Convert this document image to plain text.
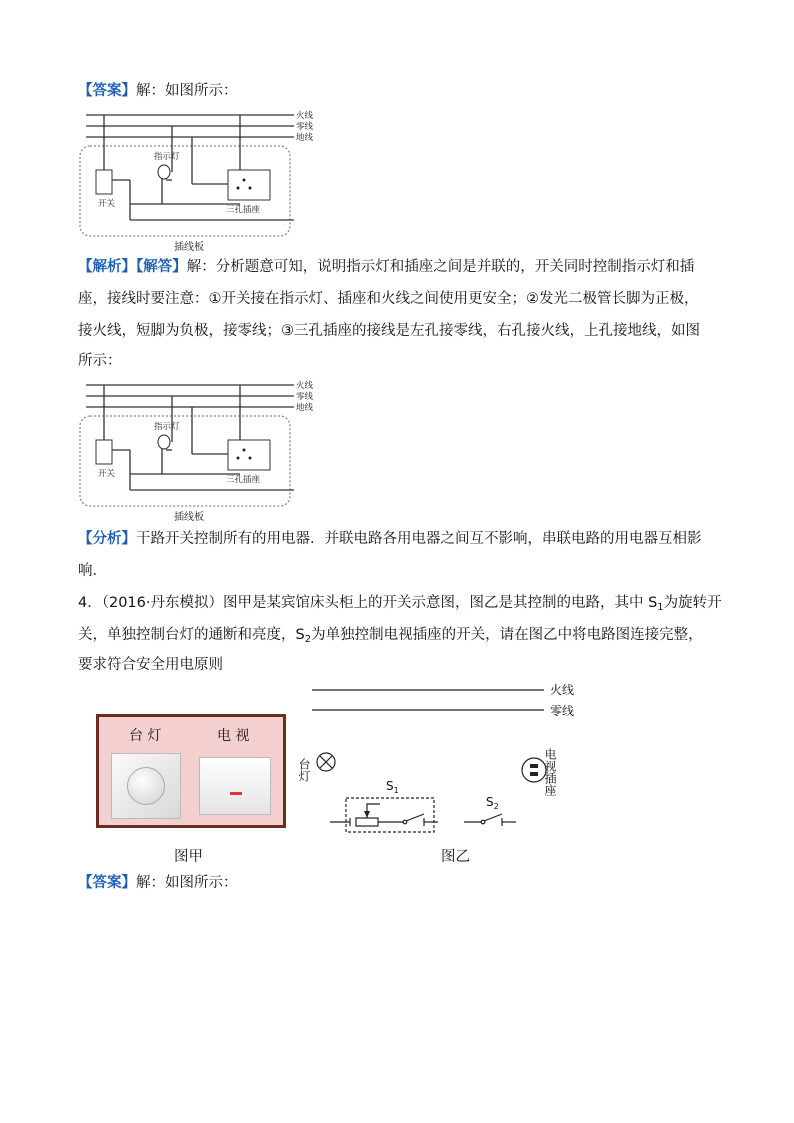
【答案】解：如图所示：
火线
零线
地线
指示灯
开关
三孔插座
插线板
【解析】【解答】解：分析题意可知，说明指示灯和插座之间是并联的，开关同时控制指示灯和插
座，接线时要注意：①开关接在指示灯、插座和火线之间使用更安全；②发光二极管长脚为正极，
接火线，短脚为负极，接零线；③三孔插座的接线是左孔接零线，右孔接火线，上孔接地线，如图
所示：
火线
零线
地线
指示灯
开关
三孔插座
插线板
【分析】干路开关控制所有的用电器．并联电路各用电器之间互不影响，串联电路的用电器互相影
响．
4．（2016·丹东模拟）图甲是某宾馆床头柜上的开关示意图，图乙是其控制的电路，其中 $S_1$为旋转开
关，单独控制台灯的通断和亮度，$S_2$为单独控制电视插座的开关，请在图乙中将电路图连接完整，
要求符合安全用电原则
台 灯	电 视
图甲
火线
零线
台灯	电视插座
$S_1$
$S_2$
图乙
【答案】解：如图所示：
